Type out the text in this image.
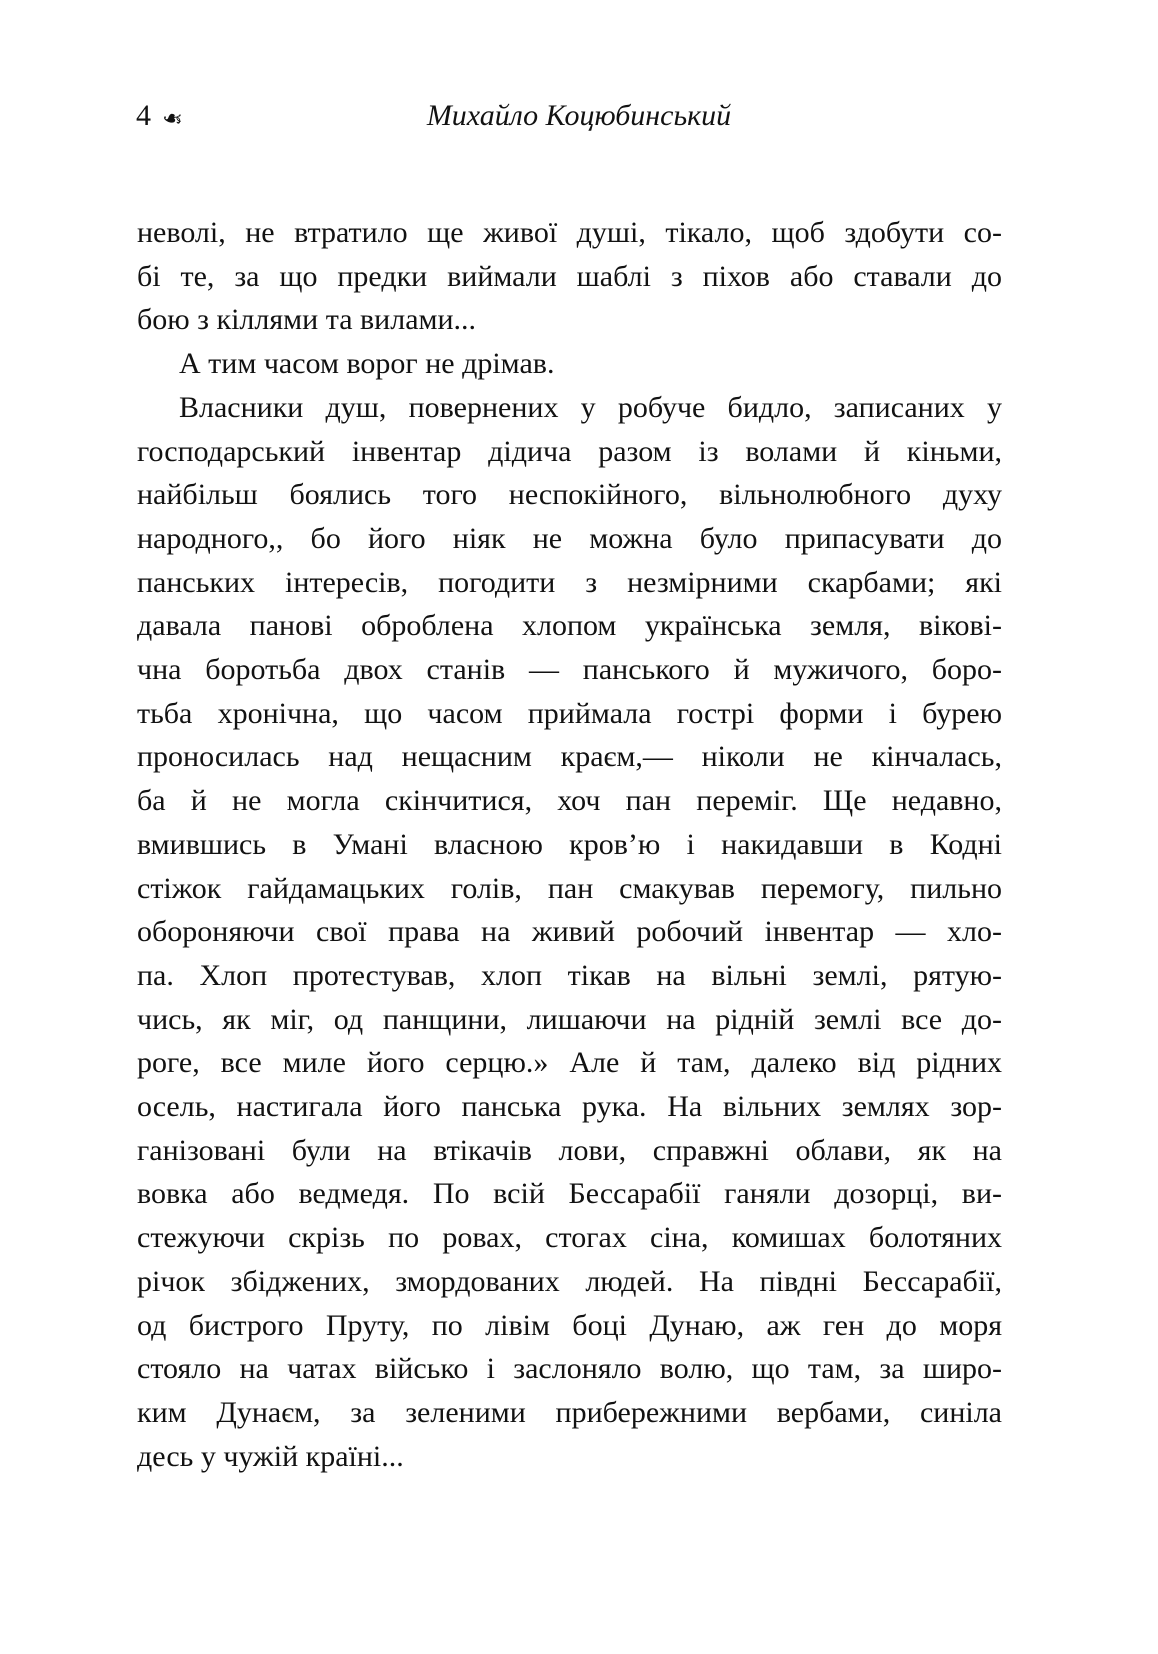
4 ❧	Михайло Коцюбинський
неволі, не втратило ще живої душі, тікало, щоб здобути со-
бі те, за що предки виймали шаблі з піхов або ставали до
бою з кіллями та вилами...
А тим часом ворог не дрімав.
Власники душ, повернених у робуче бидло, записаних у
господарський інвентар дідича разом із волами й кіньми,
найбільш боялись того неспокійного, вільнолюбного духу
народного,, бо його ніяк не можна було припасувати до
панських інтересів, погодити з незмірними скарбами; які
давала панові оброблена хлопом українська земля, вікові-
чна боротьба двох станів — панського й мужичого, боро-
тьба хронічна, що часом приймала гострі форми і бурею
проносилась над нещасним краєм,— ніколи не кінчалась,
ба й не могла скінчитися, хоч пан переміг. Ще недавно,
вмившись в Умані власною кров’ю і накидавши в Кодні
стіжок гайдамацьких голів, пан смакував перемогу, пильно
обороняючи свої права на живий робочий інвентар — хло-
па. Хлоп протестував, хлоп тікав на вільні землі, рятую-
чись, як міг, од панщини, лишаючи на рідній землі все до-
роге, все миле його серцю.» Але й там, далеко від рідних
осель, настигала його панська рука. На вільних землях зор-
ганізовані були на втікачів лови, справжні облави, як на
вовка або ведмедя. По всій Бессарабії ганяли дозорці, ви-
стежуючи скрізь по ровах, стогах сіна, комишах болотяних
річок збіджених, змордованих людей. На півдні Бессарабії,
од бистрого Пруту, по лівім боці Дунаю, аж ген до моря
стояло на чатах військо і заслоняло волю, що там, за широ-
ким Дунаєм, за зеленими прибережними вербами, синіла
десь у чужій країні...
